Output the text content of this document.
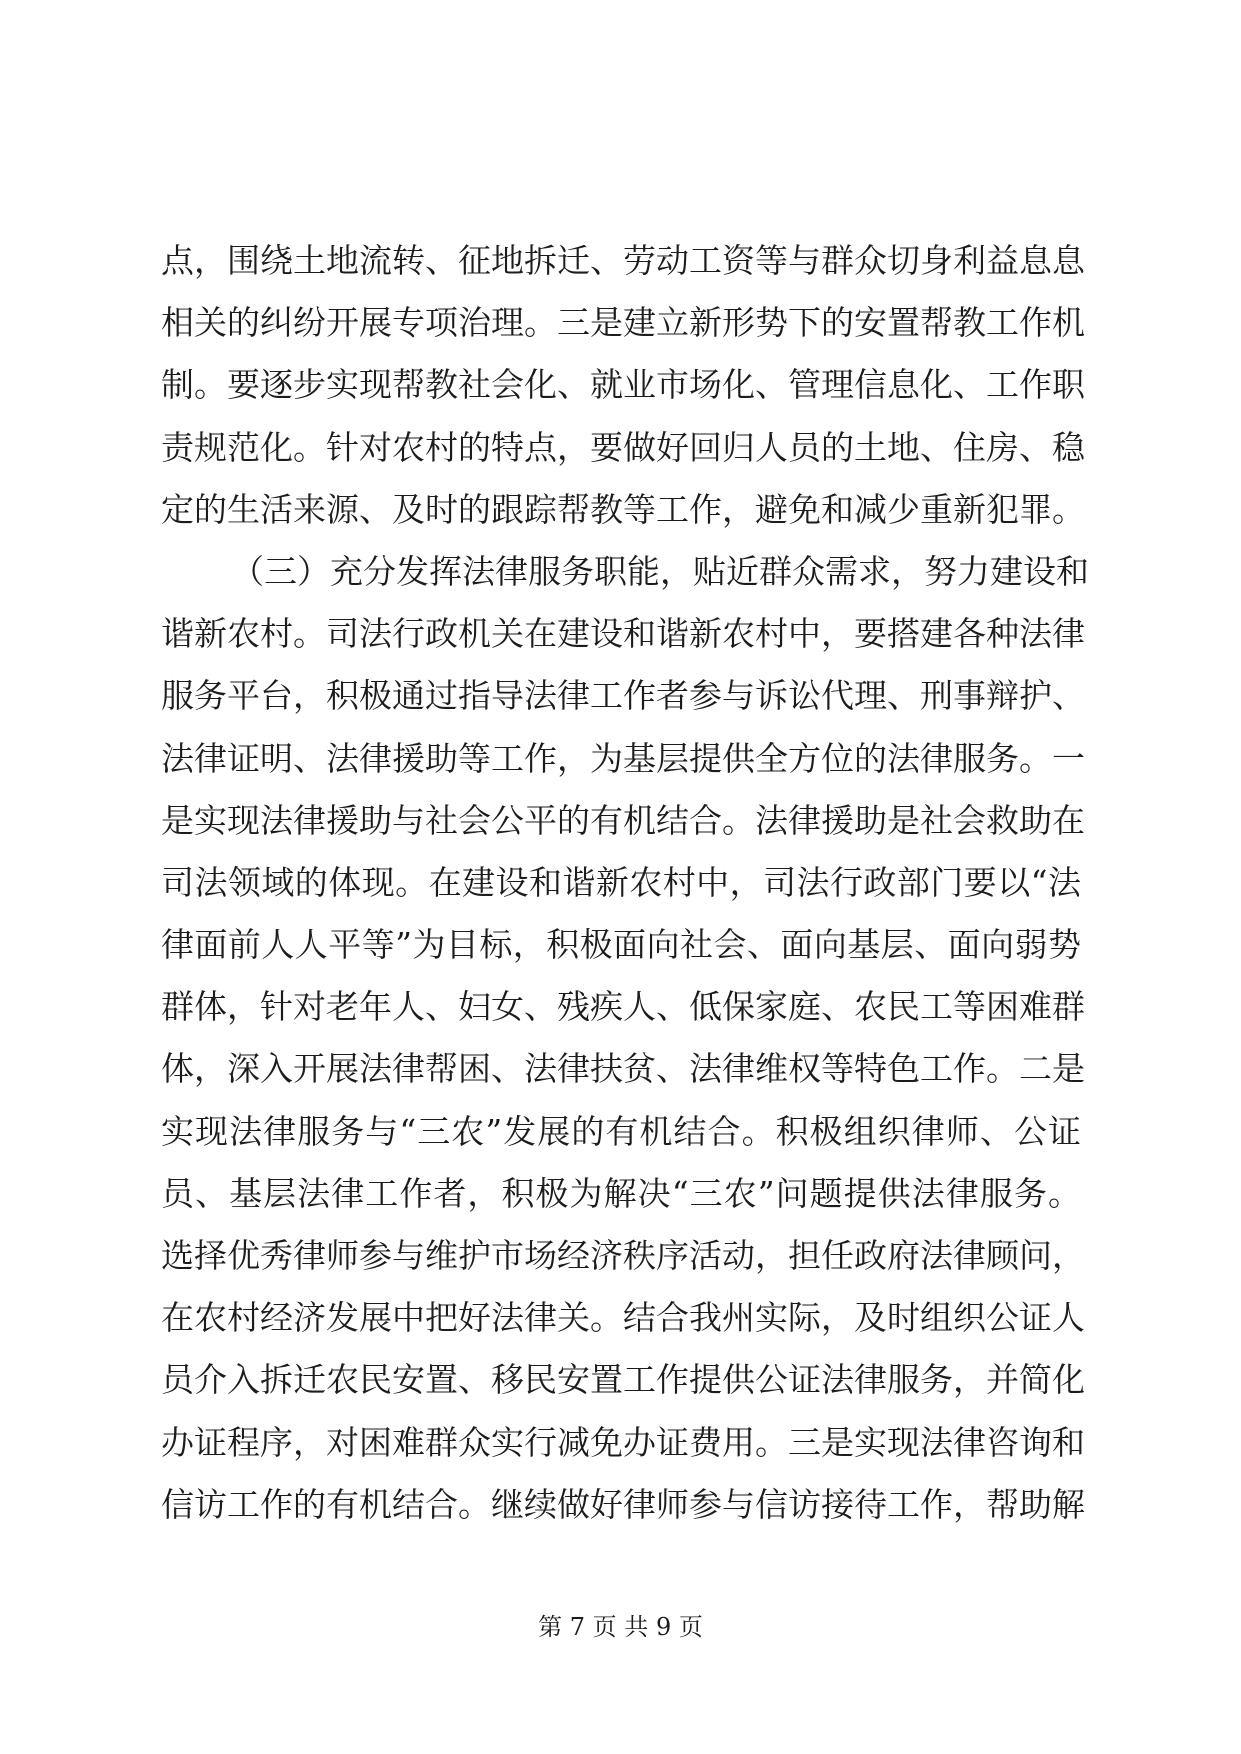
点，围绕土地流转、征地拆迁、劳动工资等与群众切身利益息息
相关的纠纷开展专项治理。三是建立新形势下的安置帮教工作机
制。要逐步实现帮教社会化、就业市场化、管理信息化、工作职
责规范化。针对农村的特点，要做好回归人员的土地、住房、稳
定的生活来源、及时的跟踪帮教等工作，避免和减少重新犯罪。
（三）充分发挥法律服务职能，贴近群众需求，努力建设和
谐新农村。司法行政机关在建设和谐新农村中，要搭建各种法律
服务平台，积极通过指导法律工作者参与诉讼代理、刑事辩护、
法律证明、法律援助等工作，为基层提供全方位的法律服务。一
是实现法律援助与社会公平的有机结合。法律援助是社会救助在
司法领域的体现。在建设和谐新农村中，司法行政部门要以“法
律面前人人平等”为目标，积极面向社会、面向基层、面向弱势
群体，针对老年人、妇女、残疾人、低保家庭、农民工等困难群
体，深入开展法律帮困、法律扶贫、法律维权等特色工作。二是
实现法律服务与“三农”发展的有机结合。积极组织律师、公证
员、基层法律工作者，积极为解决“三农”问题提供法律服务。
选择优秀律师参与维护市场经济秩序活动，担任政府法律顾问，
在农村经济发展中把好法律关。结合我州实际，及时组织公证人
员介入拆迁农民安置、移民安置工作提供公证法律服务，并简化
办证程序，对困难群众实行减免办证费用。三是实现法律咨询和
信访工作的有机结合。继续做好律师参与信访接待工作，帮助解
第 7 页 共 9 页
